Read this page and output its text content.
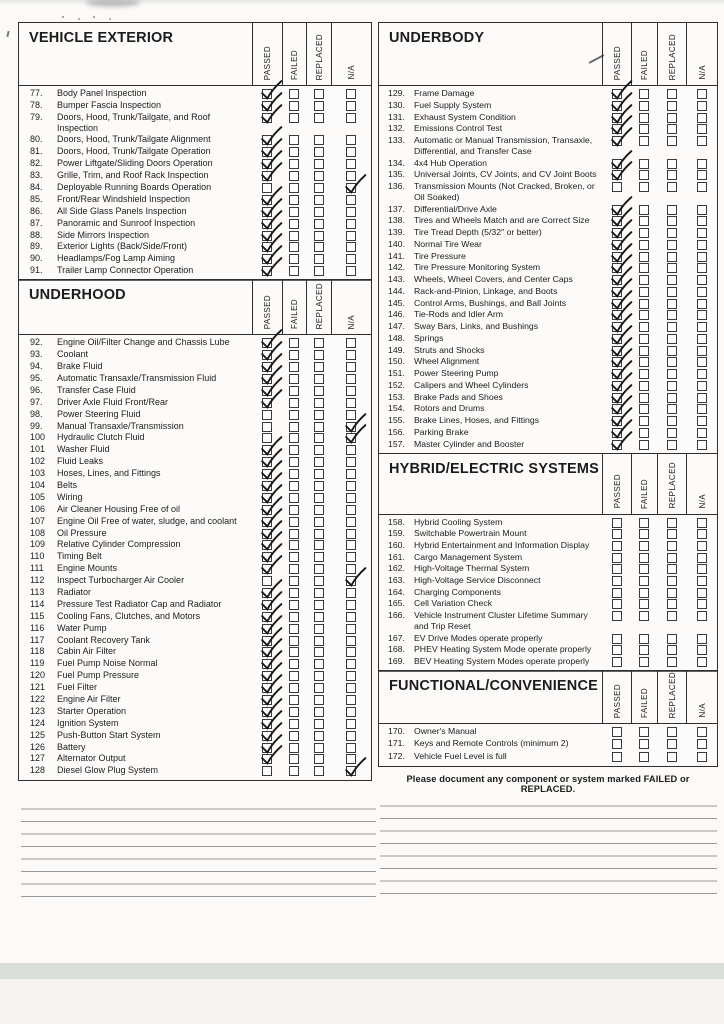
VEHICLE EXTERIOR
PASSED FAILED REPLACED	N/A
77.	Body Panel Inspection
78.	Bumper Fascia Inspection
79.	Doors, Hood, Trunk/Tailgate, and Roof
Inspection
80.	Doors, Hood, Trunk/Tailgate Alignment
81.	Doors, Hood, Trunk/Tailgate Operation
82.	Power Liftgate/Sliding Doors Operation
83.	Grille, Trim, and Roof Rack Inspection
84.	Deployable Running Boards Operation
85.	Front/Rear Windshield Inspection
86.	All Side Glass Panels Inspection
87.	Panoramic and Sunroof Inspection
88.	Side Mirrors Inspection
89.	Exterior Lights (Back/Side/Front)
90.	Headlamps/Fog Lamp Aiming
91.	Trailer Lamp Connector Operation
UNDERHOOD	PASSED FAILED REPLACED	N/A
92.	Engine Oil/Filter Change and Chassis Lube
93.	Coolant
94.	Brake Fluid
95.	Automatic Transaxle/Transmission Fluid
96.	Transfer Case Fluid
97.	Driver Axle Fluid Front/Rear
98.	Power Steering Fluid
99.	Manual Transaxle/Transmission
100	Hydraulic Clutch Fluid
101	Washer Fluid
102	Fluid Leaks
103	Hoses, Lines, and Fittings
104	Belts
105	Wiring
106	Air Cleaner Housing Free of oil
107	Engine Oil Free of water, sludge, and coolant
108	Oil Pressure
109	Relative Cylinder Compression
110	Timing Belt
111	Engine Mounts
112	Inspect Turbocharger Air Cooler
113	Radiator
114	Pressure Test Radiator Cap and Radiator
115	Cooling Fans, Clutches, and Motors
116	Water Pump
117	Coolant Recovery Tank
118	Cabin Air Filter
119	Fuel Pump Noise Normal
120	Fuel Pump Pressure
121	Fuel Filter
122	Engine Air Filter
123	Starter Operation
124	Ignition System
125	Push-Button Start System
126	Battery
127	Alternator Output
128	Diesel Glow Plug System
UNDERBODY
PASSED FAILED REPLACED	N/A
129.	Frame Damage
130.	Fuel Supply System
131.	Exhaust System Condition
132.	Emissions Control Test
133.	Automatic or Manual Transmission, Transaxle,
Differential, and Transfer Case
134.	4x4 Hub Operation
135.	Universal Joints, CV Joints, and CV Joint Boots
136.	Transmission Mounts (Not Cracked, Broken, or
Oil Soaked)
137.	Differential/Drive Axle
138.	Tires and Wheels Match and are Correct Size
139.	Tire Tread Depth (5/32" or better)
140.	Normal Tire Wear
141.	Tire Pressure
142.	Tire Pressure Monitoring System
143.	Wheels, Wheel Covers, and Center Caps
144.	Rack-and-Pinion, Linkage, and Boots
145.	Control Arms, Bushings, and Ball Joints
146.	Tie-Rods and Idler Arm
147.	Sway Bars, Links, and Bushings
148.	Springs
149.	Struts and Shocks
150.	Wheel Alignment
151.	Power Steering Pump
152.	Calipers and Wheel Cylinders
153.	Brake Pads and Shoes
154.	Rotors and Drums
155.	Brake Lines, Hoses, and Fittings
156.	Parking Brake
157.	Master Cylinder and Booster
HYBRID/ELECTRIC SYSTEMS
PASSED FAILED REPLACED	N/A
158.	Hybrid Cooling System
159.	Switchable Powertrain Mount
160.	Hybrid Entertainment and Information Display
161.	Cargo Management System
162.	High-Voltage Thermal System
163.	High-Voltage Service Disconnect
164.	Charging Components
165.	Cell Variation Check
166.	Vehicle Instrument Cluster Lifetime Summary
and Trip Reset
167.	EV Drive Modes operate properly
168.	PHEV Heating System Mode operate properly
169.	BEV Heating System Modes operate properly
FUNCTIONAL/CONVENIENCE	PASSED FAILED REPLACED	N/A
170.	Owner's Manual
171.	Keys and Remote Controls (minimum 2)
172.	Vehicle Fuel Level is full
Please document any component or system marked FAILED or REPLACED.
